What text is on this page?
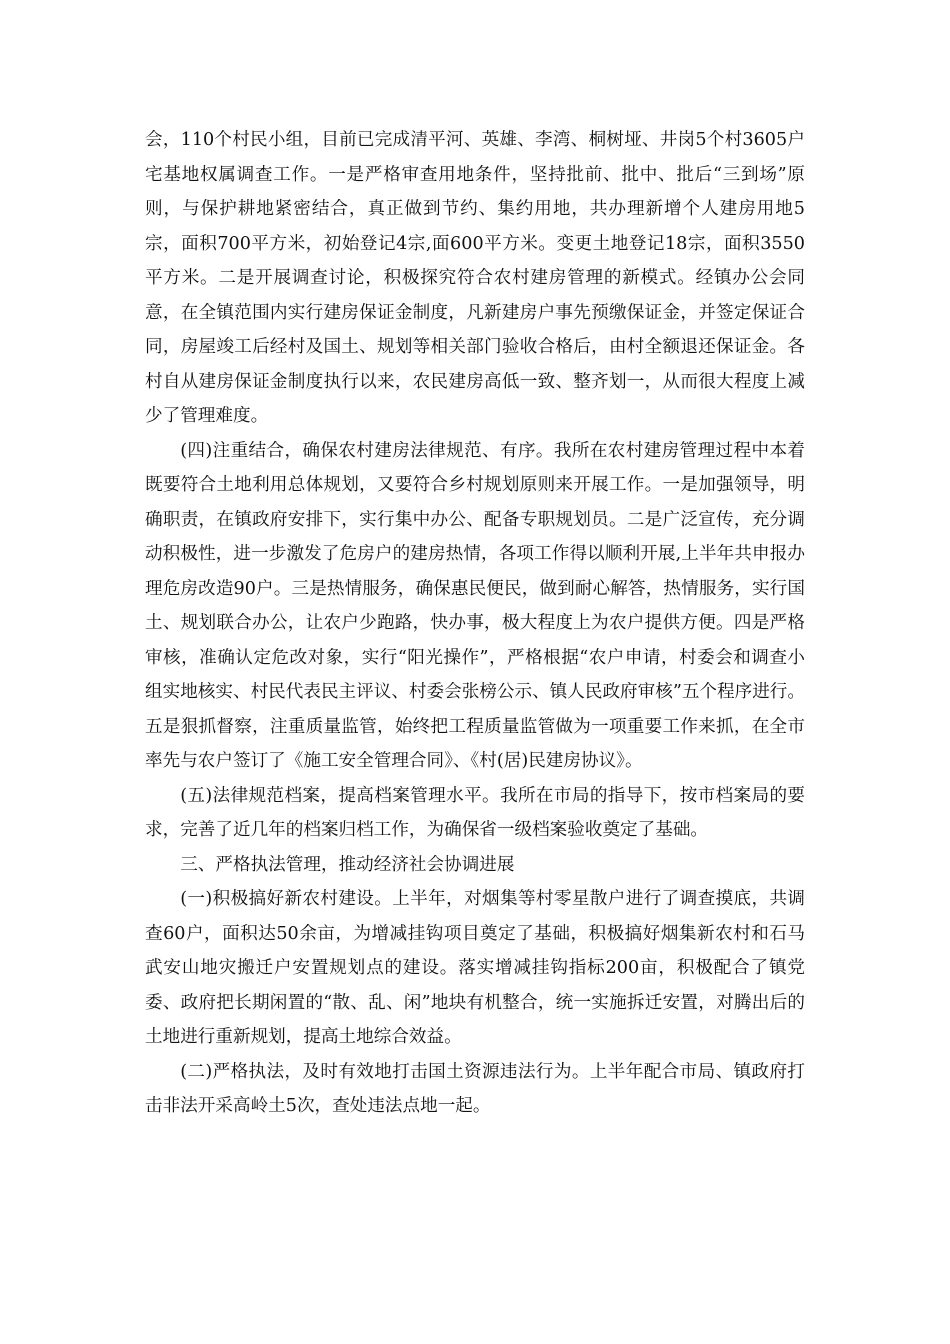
会，110个村民小组，目前已完成清平河、英雄、李湾、桐树垭、井岗5个村3605户宅基地权属调查工作。一是严格审查用地条件，坚持批前、批中、批后“三到场”原则，与保护耕地紧密结合，真正做到节约、集约用地，共办理新增个人建房用地5宗，面积700平方米，初始登记4宗,面600平方米。变更土地登记18宗，面积3550平方米。二是开展调查讨论，积极探究符合农村建房管理的新模式。经镇办公会同意，在全镇范围内实行建房保证金制度，凡新建房户事先预缴保证金，并签定保证合同，房屋竣工后经村及国土、规划等相关部门验收合格后，由村全额退还保证金。各村自从建房保证金制度执行以来，农民建房高低一致、整齐划一，从而很大程度上减少了管理难度。

(四)注重结合，确保农村建房法律规范、有序。我所在农村建房管理过程中本着既要符合土地利用总体规划，又要符合乡村规划原则来开展工作。一是加强领导，明确职责，在镇政府安排下，实行集中办公、配备专职规划员。二是广泛宣传，充分调动积极性，进一步激发了危房户的建房热情，各项工作得以顺利开展,上半年共申报办理危房改造90户。三是热情服务，确保惠民便民，做到耐心解答，热情服务，实行国土、规划联合办公，让农户少跑路，快办事，极大程度上为农户提供方便。四是严格审核，准确认定危改对象，实行“阳光操作”，严格根据“农户申请，村委会和调查小组实地核实、村民代表民主评议、村委会张榜公示、镇人民政府审核”五个程序进行。五是狠抓督察，注重质量监管，始终把工程质量监管做为一项重要工作来抓，在全市率先与农户签订了《施工安全管理合同》、《村(居)民建房协议》。

(五)法律规范档案，提高档案管理水平。我所在市局的指导下，按市档案局的要求，完善了近几年的档案归档工作，为确保省一级档案验收奠定了基础。

三、严格执法管理，推动经济社会协调进展

(一)积极搞好新农村建设。上半年，对烟集等村零星散户进行了调查摸底，共调查60户，面积达50余亩，为增减挂钩项目奠定了基础，积极搞好烟集新农村和石马武安山地灾搬迁户安置规划点的建设。落实增减挂钩指标200亩，积极配合了镇党委、政府把长期闲置的“散、乱、闲”地块有机整合，统一实施拆迁安置，对腾出后的土地进行重新规划，提高土地综合效益。

(二)严格执法，及时有效地打击国土资源违法行为。上半年配合市局、镇政府打击非法开采高岭土5次，查处违法点地一起。
